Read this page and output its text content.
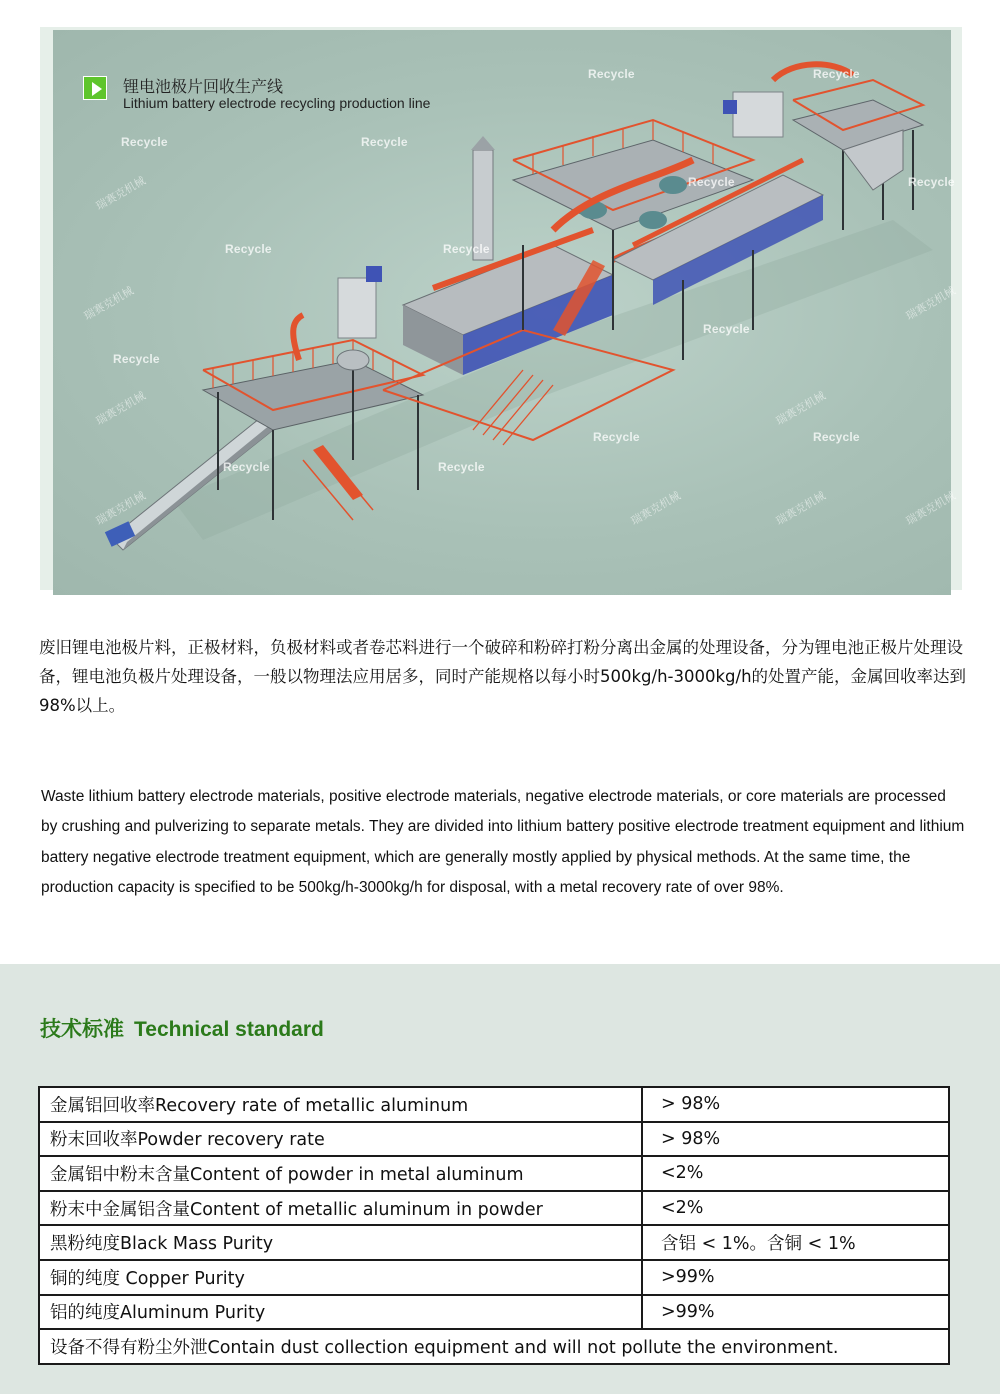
锂电池极片回收生产线
Lithium battery electrode recycling production line
Recycle	Recycle
Recycle	Recycle
Recycle	Recycle
Recycle	Recycle
Recycle
Recycle
Recycle	Recycle
Recycle	Recycle
瑞赛克机械
瑞赛克机械
瑞赛克机械
瑞赛克机械	瑞赛克机械
瑞赛克机械
瑞赛克机械
瑞赛克机械
瑞赛克机械

废旧锂电池极片料，正极材料，负极材料或者卷芯料进行一个破碎和粉碎打粉分离出金属的处理设备，分为锂电池正极片处理设备，锂电池负极片处理设备，一般以物理法应用居多，同时产能规格以每小时500kg/h-3000kg/h的处置产能，金属回收率达到98%以上。

Waste lithium battery electrode materials, positive electrode materials, negative electrode materials, or core materials are processed by crushing and pulverizing to separate metals. They are divided into lithium battery positive electrode treatment equipment and lithium battery negative electrode treatment equipment, which are generally mostly applied by physical methods. At the same time, the production capacity is specified to be 500kg/h-3000kg/h for disposal, with a metal recovery rate of over 98%.

技术标准 Technical standard
金属铝回收率Recovery rate of metallic aluminum	> 98%
粉末回收率Powder recovery rate	> 98%
金属铝中粉末含量Content of powder in metal aluminum	<2%
粉末中金属铝含量Content of metallic aluminum in powder	<2%
黑粉纯度Black Mass Purity	含铝 < 1%。含铜 < 1%
铜的纯度 Copper Purity	>99%
铝的纯度Aluminum Purity	>99%
设备不得有粉尘外泄Contain dust collection equipment and will not pollute the environment.	
